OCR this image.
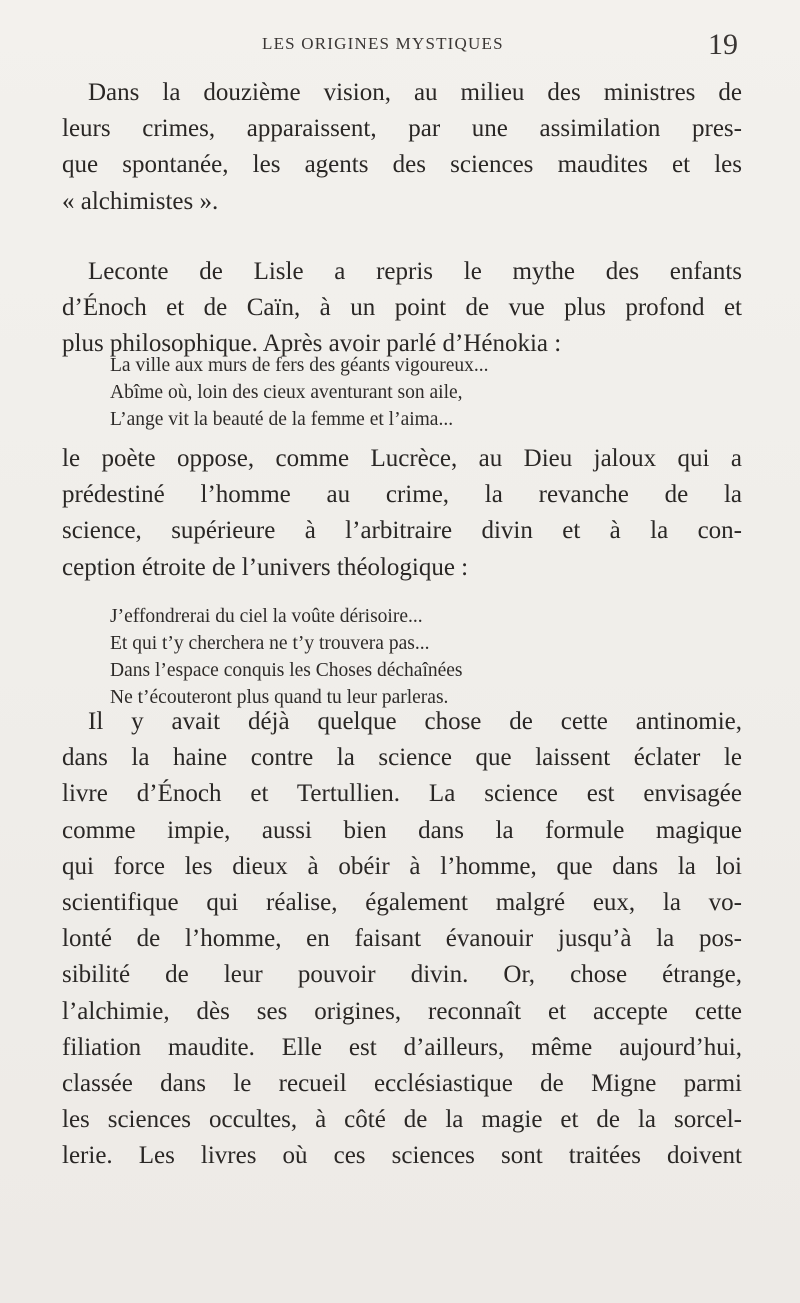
LES ORIGINES MYSTIQUES	19

Dans la douzième vision, au milieu des ministres de
leurs crimes, apparaissent, par une assimilation pres-
que spontanée, les agents des sciences maudites et les
« alchimistes ».

Leconte de Lisle a repris le mythe des enfants
d’Énoch et de Caïn, à un point de vue plus profond et
plus philosophique. Après avoir parlé d’Hénokia :

La ville aux murs de fers des géants vigoureux...
Abîme où, loin des cieux aventurant son aile,
L’ange vit la beauté de la femme et l’aima...

le poète oppose, comme Lucrèce, au Dieu jaloux qui a
prédestiné l’homme au crime, la revanche de la
science, supérieure à l’arbitraire divin et à la con-
ception étroite de l’univers théologique :

J’effondrerai du ciel la voûte dérisoire...
Et qui t’y cherchera ne t’y trouvera pas...
Dans l’espace conquis les Choses déchaînées
Ne t’écouteront plus quand tu leur parleras.

Il y avait déjà quelque chose de cette antinomie,
dans la haine contre la science que laissent éclater le
livre d’Énoch et Tertullien. La science est envisagée
comme impie, aussi bien dans la formule magique
qui force les dieux à obéir à l’homme, que dans la loi
scientifique qui réalise, également malgré eux, la vo-
lonté de l’homme, en faisant évanouir jusqu’à la pos-
sibilité de leur pouvoir divin. Or, chose étrange,
l’alchimie, dès ses origines, reconnaît et accepte cette
filiation maudite. Elle est d’ailleurs, même aujourd’hui,
classée dans le recueil ecclésiastique de Migne parmi
les sciences occultes, à côté de la magie et de la sorcel-
lerie. Les livres où ces sciences sont traitées doivent
